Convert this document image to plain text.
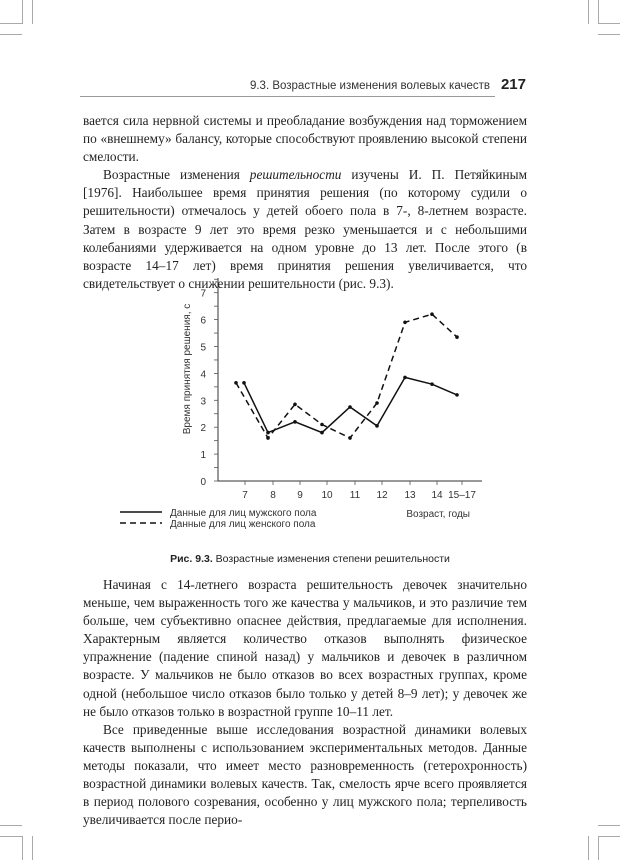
9.3. Возрастные изменения волевых качеств 217

вается сила нервной системы и преобладание возбуждения над торможением по «внешнему» балансу, которые способствуют проявлению высокой степени смелости.

Возрастные изменения решительности изучены И. П. Петяйкиным [1976]. Наибольшее время принятия решения (по которому судили о решительности) отмечалось у детей обоего пола в 7-, 8-летнем возрасте. Затем в возрасте 9 лет это время резко уменьшается и с небольшими колебаниями удерживается на одном уровне до 13 лет. После этого (в возрасте 14–17 лет) время принятия решения увеличивается, что свидетельствует о снижении решительности (рис. 9.3).

0
1
2
3
4
5
6
7
7 8 9 10 11 12 13 14 15–17
Время принятия решения, с
Возраст, годы
Данные для лиц мужского пола
Данные для лиц женского пола
Рис. 9.3. Возрастные изменения степени решительности

Начиная с 14-летнего возраста решительность девочек значительно меньше, чем выраженность того же качества у мальчиков, и это различие тем больше, чем субъективно опаснее действия, предлагаемые для исполнения. Характерным является количество отказов выполнять физическое упражнение (падение спиной назад) у мальчиков и девочек в различном возрасте. У мальчиков не было отказов во всех возрастных группах, кроме одной (небольшое число отказов было только у детей 8–9 лет); у девочек же не было отказов только в возрастной группе 10–11 лет.

Все приведенные выше исследования возрастной динамики волевых качеств выполнены с использованием экспериментальных методов. Данные методы показали, что имеет место разновременность (гетерохронность) возрастной динамики волевых качеств. Так, смелость ярче всего проявляется в период полового созревания, особенно у лиц мужского пола; терпеливость увеличивается после перио-
